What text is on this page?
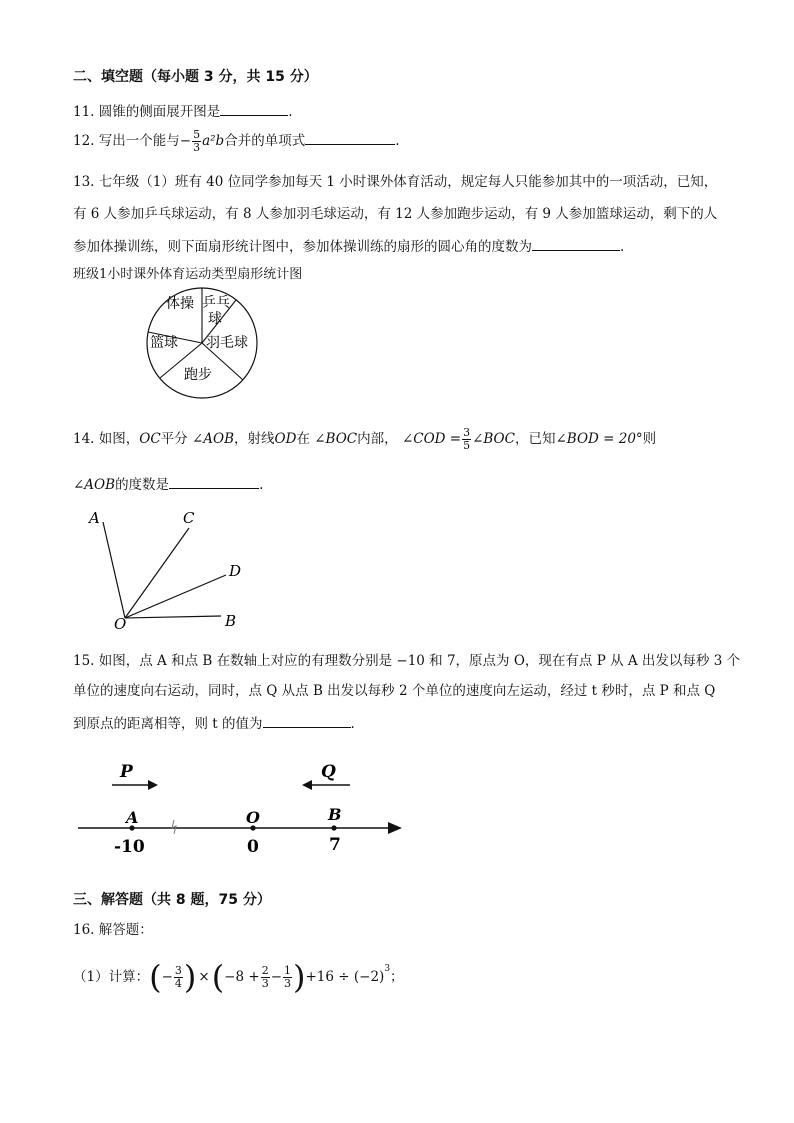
二、填空题（每小题 3 分，共 15 分）
11. 圆锥的侧面展开图是	.
12. 写出一个能与− $\frac{5}{3} a^2b$合并的单项式	.
13. 七年级（1）班有 40 位同学参加每天 1 小时课外体育活动，规定每人只能参加其中的一项活动，已知，
有 6 人参加乒乓球运动，有 8 人参加羽毛球运动，有 12 人参加跑步运动，有 9 人参加篮球运动，剩下的人
参加体操训练，则下面扇形统计图中，参加体操训练的扇形的圆心角的度数为	.
班级1小时课外体育运动类型扇形统计图
体操 乒乓
球
羽毛球
篮球
跑步
14. 如图，OC平分 ∠AOB，射线OD在 ∠BOC内部， ∠COD = $\frac{3}{5}$ ∠BOC，已知∠BOD = 20°则
∠AOB的度数是	.
A	C
D
O	B
15. 如图，点 A 和点 B 在数轴上对应的有理数分别是 −10 和 7，原点为 O，现在有点 P 从 A 出发以每秒 3 个
单位的速度向右运动，同时，点 Q 从点 B 出发以每秒 2 个单位的速度向左运动，经过 t 秒时，点 P 和点 Q
到原点的距离相等，则 t 的值为	.
P	Q
A	O	B
-10	0	7
三、解答题（共 8 题，75 分）
16. 解答题：
（1）计算： ( − $\frac{3}{4}$ ) × ( $-8 + \frac{2}{3} - \frac{1}{3}$ ) $+16 \div (-2)^3$ ；
